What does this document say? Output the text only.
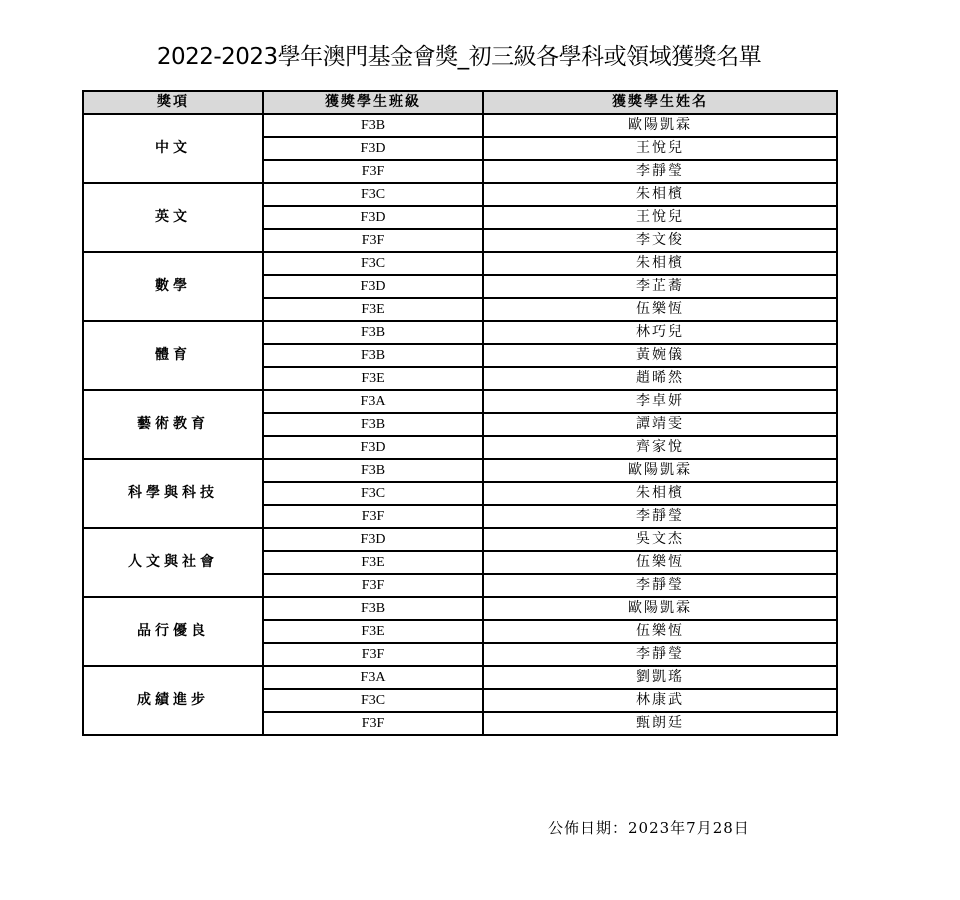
2022-2023學年澳門基金會獎_初三級各學科或領域獲獎名單
獎項	獲獎學生班級	獲獎學生姓名
中文	F3B	歐陽凱霖
	F3D	王悅兒
	F3F	李靜瑩
英文	F3C	朱相檳
	F3D	王悅兒
	F3F	李文俊
數學	F3C	朱相檳
	F3D	李芷蕎
	F3E	伍樂恆
體育	F3B	林巧兒
	F3B	黃婉儀
	F3E	趙晞然
藝術教育	F3A	李卓妍
	F3B	譚靖雯
	F3D	齊家悅
科學與科技	F3B	歐陽凱霖
	F3C	朱相檳
	F3F	李靜瑩
人文與社會	F3D	吳文杰
	F3E	伍樂恆
	F3F	李靜瑩
品行優良	F3B	歐陽凱霖
	F3E	伍樂恆
	F3F	李靜瑩
成績進步	F3A	劉凱瑤
	F3C	林康武
	F3F	甄朗廷
公佈日期：2023年7月28日
